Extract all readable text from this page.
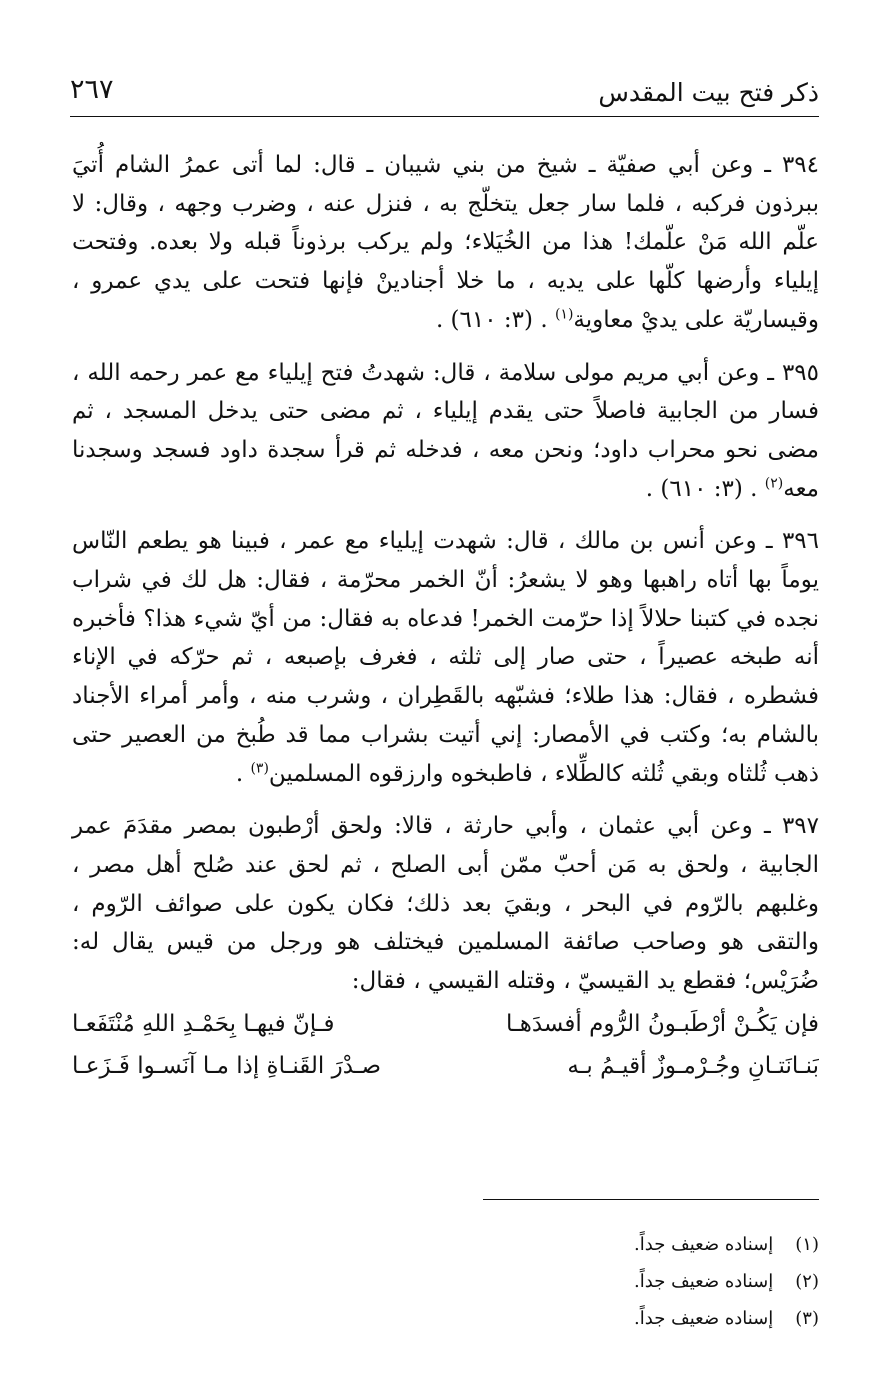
ذكر فتح بيت المقدس
٢٦٧

٣٩٤ ـ وعن أبي صفيّة ـ شيخ من بني شيبان ـ قال: لما أتى عمرُ الشام أُتيَ ببرذون فركبه ، فلما سار جعل يتخلّج به ، فنزل عنه ، وضرب وجهه ، وقال: لا علّم الله مَنْ علّمك! هذا من الخُيَلاء؛ ولم يركب برذوناً قبله ولا بعده. وفتحت إيلياء وأرضها كلّها على يديه ، ما خلا أجنادينْ فإنها فتحت على يدي عمرو ، وقيساريّة على يديْ معاوية$^{(١)}$ . (٣: ٦١٠) .

٣٩٥ ـ وعن أبي مريم مولى سلامة ، قال: شهدتُ فتح إيلياء مع عمر رحمه الله ، فسار من الجابية فاصلاً حتى يقدم إيلياء ، ثم مضى حتى يدخل المسجد ، ثم مضى نحو محراب داود؛ ونحن معه ، فدخله ثم قرأ سجدة داود فسجد وسجدنا معه$^{(٢)}$ . (٣: ٦١٠) .

٣٩٦ ـ وعن أنس بن مالك ، قال: شهدت إيلياء مع عمر ، فبينا هو يطعم النّاس يوماً بها أتاه راهبها وهو لا يشعرُ: أنّ الخمر محرّمة ، فقال: هل لك في شراب نجده في كتبنا حلالاً إذا حرّمت الخمر! فدعاه به فقال: من أيّ شيء هذا؟ فأخبره أنه طبخه عصيراً ، حتى صار إلى ثلثه ، فغرف بإصبعه ، ثم حرّكه في الإناء فشطره ، فقال: هذا طلاء؛ فشبّهه بالقَطِران ، وشرب منه ، وأمر أمراء الأجناد بالشام به؛ وكتب في الأمصار: إني أتيت بشراب مما قد طُبخ من العصير حتى ذهب ثُلثاه وبقي ثُلثه كالطِّلاء ، فاطبخوه وارزقوه المسلمين$^{(٣)}$ .

٣٩٧ ـ وعن أبي عثمان ، وأبي حارثة ، قالا: ولحق أرْطبون بمصر مقدَمَ عمر الجابية ، ولحق به مَن أحبّ ممّن أبى الصلح ، ثم لحق عند صُلح أهل مصر ، وغلبهم بالرّوم في البحر ، وبقيَ بعد ذلك؛ فكان يكون على صوائف الرّوم ، والتقى هو وصاحب صائفة المسلمين فيختلف هو ورجل من قيس يقال له: ضُرَيْس؛ فقطع يد القيسيّ ، وقتله القيسي ، فقال:

فإن يَكُـنْ أرْطَبـونُ الرُّوم أفسدَهـا
فـإنّ فيهـا بِحَمْـدِ اللهِ مُنْتَفَعـا
بَنـانَتـانِ وجُـرْمـوزٌ أقيـمُ بـه
صـدْرَ القَنـاةِ إذا مـا آنَسـوا فَـزَعـا
(١) إسناده ضعيف جداً.
(٢) إسناده ضعيف جداً.
(٣) إسناده ضعيف جداً.
